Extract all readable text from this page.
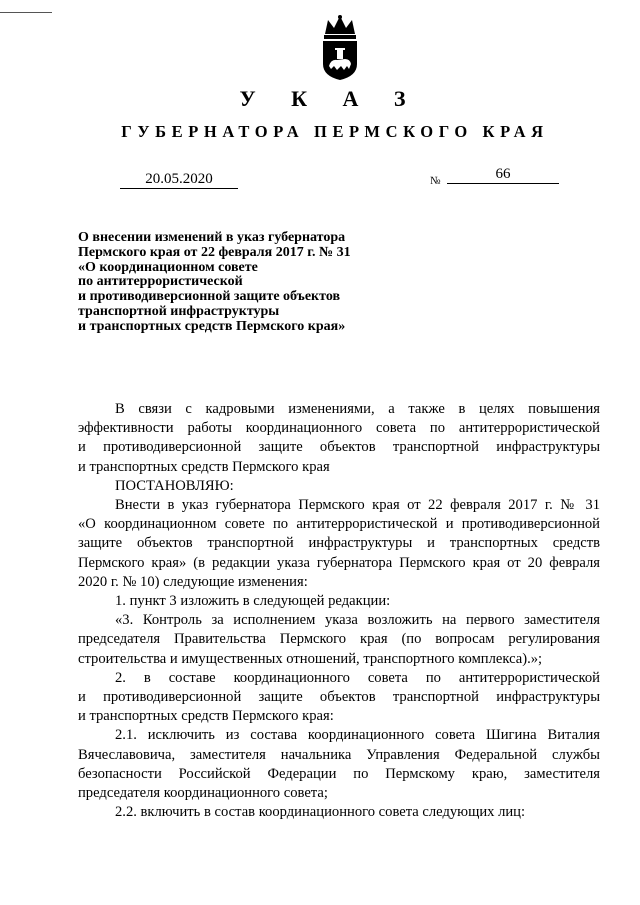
У К А З
ГУБЕРНАТОРА ПЕРМСКОГО КРАЯ
20.05.2020	№	66
О внесении изменений в указ губернатора
Пермского края от 22 февраля 2017 г. № 31
«О координационном совете
по антитеррористической
и противодиверсионной защите объектов
транспортной инфраструктуры
и транспортных средств Пермского края»

В связи с кадровыми изменениями, а также в целях повышения

эффективности работы координационного совета по антитеррористической

и противодиверсионной защите объектов транспортной инфраструктуры

и транспортных средств Пермского края

ПОСТАНОВЛЯЮ:

Внести в указ губернатора Пермского края от 22 февраля 2017 г. № 31

«О координационном совете по антитеррористической и противодиверсионной

защите объектов транспортной инфраструктуры и транспортных средств

Пермского края» (в редакции указа губернатора Пермского края от 20 февраля

2020 г. № 10) следующие изменения:

1. пункт 3 изложить в следующей редакции:

«3. Контроль за исполнением указа возложить на первого заместителя

председателя Правительства Пермского края (по вопросам регулирования

строительства и имущественных отношений, транспортного комплекса).»;

2. в составе координационного совета по антитеррористической

и противодиверсионной защите объектов транспортной инфраструктуры

и транспортных средств Пермского края:

2.1. исключить из состава координационного совета Шигина Виталия

Вячеславовича, заместителя начальника Управления Федеральной службы

безопасности Российской Федерации по Пермскому краю, заместителя

председателя координационного совета;

2.2. включить в состав координационного совета следующих лиц:
